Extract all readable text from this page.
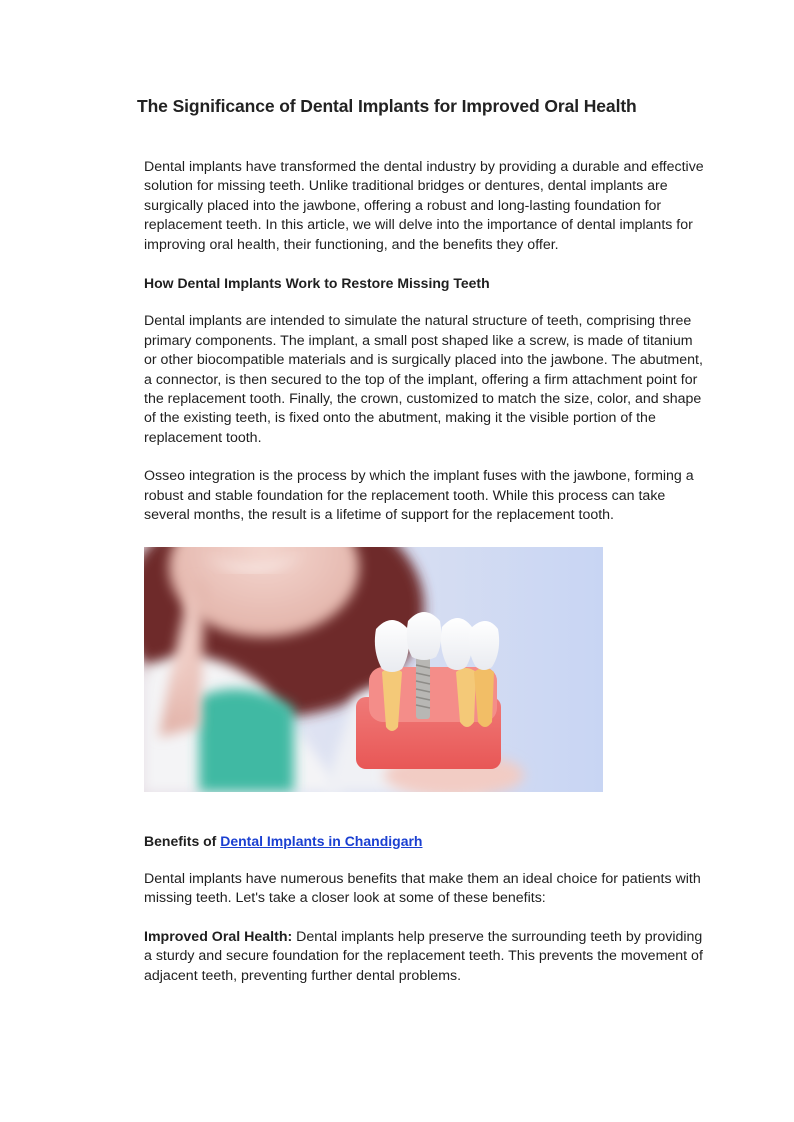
The Significance of Dental Implants for Improved Oral Health

Dental implants have transformed the dental industry by providing a durable and effective solution for missing teeth. Unlike traditional bridges or dentures, dental implants are surgically placed into the jawbone, offering a robust and long-lasting foundation for replacement teeth. In this article, we will delve into the importance of dental implants for improving oral health, their functioning, and the benefits they offer.

How Dental Implants Work to Restore Missing Teeth

Dental implants are intended to simulate the natural structure of teeth, comprising three primary components. The implant, a small post shaped like a screw, is made of titanium or other biocompatible materials and is surgically placed into the jawbone. The abutment, a connector, is then secured to the top of the implant, offering a firm attachment point for the replacement tooth. Finally, the crown, customized to match the size, color, and shape of the existing teeth, is fixed onto the abutment, making it the visible portion of the replacement tooth.

Osseo integration is the process by which the implant fuses with the jawbone, forming a robust and stable foundation for the replacement tooth. While this process can take several months, the result is a lifetime of support for the replacement tooth.

Benefits of Dental Implants in Chandigarh

Dental implants have numerous benefits that make them an ideal choice for patients with missing teeth. Let's take a closer look at some of these benefits:

Improved Oral Health: Dental implants help preserve the surrounding teeth by providing a sturdy and secure foundation for the replacement teeth. This prevents the movement of adjacent teeth, preventing further dental problems.
